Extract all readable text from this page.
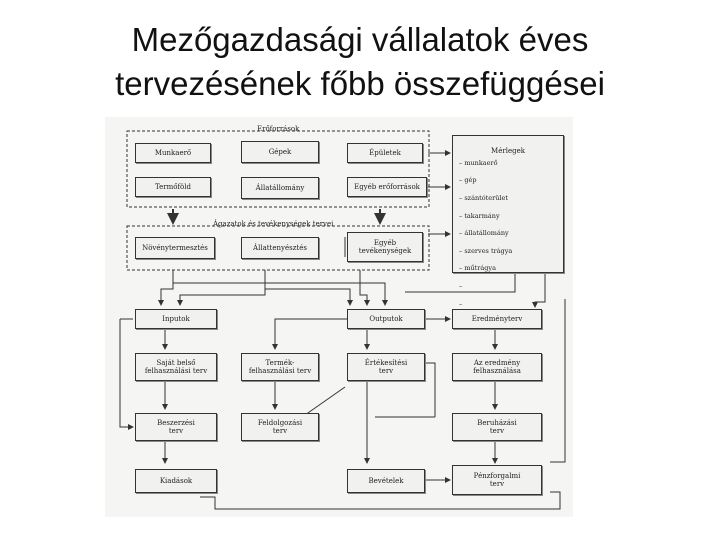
Mezőgazdasági vállalatok éves
tervezésének főbb összefüggései
Erőforrások
Ágazatok és tevékenységek tervei
Munkaerő	Gépek	Épületek
Termőföld	Állatállomány	Egyéb erőforrások

Mérlegek

– munkaerő

– gép

– szántóterület

– takarmány

– állatállomány

– szerves trágya

– műtrágya

–

–

Növénytermesztés	Állattenyésztés
Egyéb
tevékenységek
Inputok	Outputok	Eredményterv
Saját belső
felhasználási terv
Termék-
felhasználási terv
Értékesítési
terv
Az eredmény
felhasználása
Beszerzési
terv
Feldolgozási
terv
Beruházási
terv
Kiadások	Bevételek
Pénzforgalmi
terv
